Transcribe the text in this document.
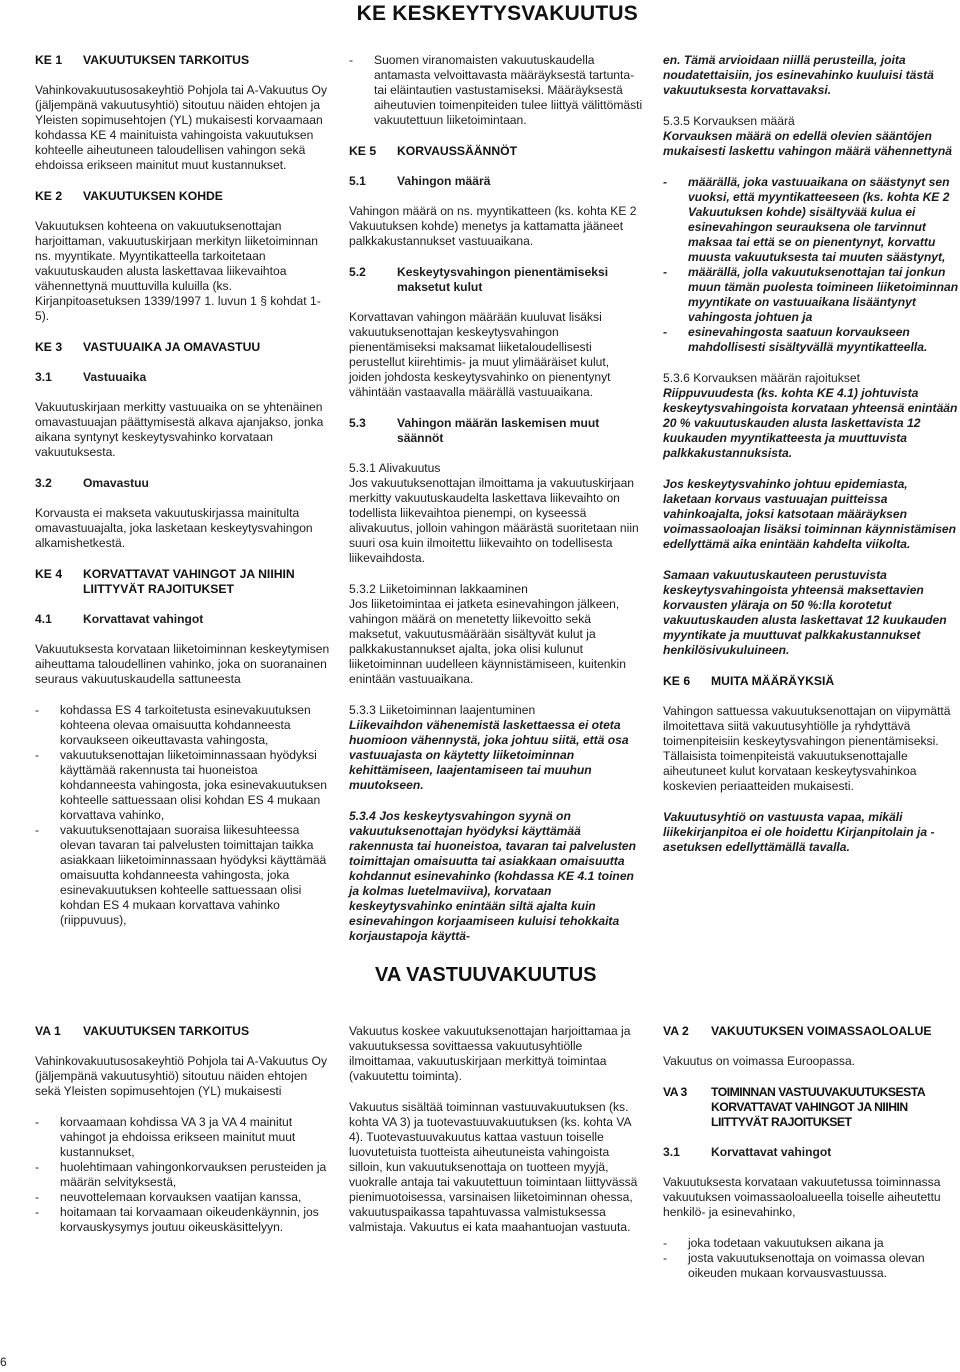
KE KESKEYTYSVAKUUTUS
KE 1	VAKUUTUKSEN TARKOITUS

Vahinkovakuutusosakeyhtiö Pohjola tai A-Vakuutus Oy (jäljempänä vakuutusyhtiö) sitoutuu näiden ehtojen ja Yleisten sopimusehtojen (YL) mukaisesti korvaamaan kohdassa KE 4 mainituista vahingoista vakuutuksen kohteelle aiheutuneen taloudellisen vahingon sekä ehdoissa erikseen mainitut muut kustannukset.

KE 2	VAKUUTUKSEN KOHDE

Vakuutuksen kohteena on vakuutuksenottajan harjoittaman, vakuutuskirjaan merkityn liiketoiminnan ns. myyntikate. Myyntikatteella tarkoitetaan vakuutuskauden alusta laskettavaa liikevaihtoa vähennettynä muuttuvilla kuluilla (ks. Kirjanpitoasetuksen 1339/1997 1. luvun 1 § kohdat 1-5).

KE 3	VASTUUAIKA JA OMAVASTUU
3.1	Vastuuaika

Vakuutuskirjaan merkitty vastuuaika on se yhtenäinen omavastuuajan päättymisestä alkava ajanjakso, jonka aikana syntynyt keskeytysvahinko korvataan vakuutuksesta.

3.2	Omavastuu

Korvausta ei makseta vakuutuskirjassa mainitulta omavastuuajalta, joka lasketaan keskeytysvahingon alkamishetkestä.

KE 4	KORVATTAVAT VAHINGOT JA NIIHIN LIITTYVÄT RAJOITUKSET
4.1	Korvattavat vahingot

Vakuutuksesta korvataan liiketoiminnan keskeytymisen aiheuttama taloudellinen vahinko, joka on suoranainen seuraus vakuutuskaudella sattuneesta

- kohdassa ES 4 tarkoitetusta esinevakuutuksen kohteena olevaa omaisuutta kohdanneesta korvaukseen oikeuttavasta vahingosta,
- vakuutuksenottajan liiketoiminnassaan hyödyksi käyttämää rakennusta tai huoneistoa kohdanneesta vahingosta, joka esinevakuutuksen kohteelle sattuessaan olisi kohdan ES 4 mukaan korvattava vahinko,
- vakuutuksenottajaan suoraisa liikesuhteessa olevan tavaran tai palvelusten toimittajan taikka asiakkaan liiketoiminnassaan hyödyksi käyttämää omaisuutta kohdanneesta vahingosta, joka esinevakuutuksen kohteelle sattuessaan olisi kohdan ES 4 mukaan korvattava vahinko (riippuvuus),
- Suomen viranomaisten vakuutuskaudella antamasta velvoittavasta määräyksestä tartunta- tai eläintautien vastustamiseksi. Määräyksestä aiheutuvien toimenpiteiden tulee liittyä välittömästi vakuutettuun liiketoimintaan.
KE 5	KORVAUSSÄÄNNÖT
5.1	Vahingon määrä

Vahingon määrä on ns. myyntikatteen (ks. kohta KE 2 Vakuutuksen kohde) menetys ja kattamatta jääneet palkkakustannukset vastuuaikana.

5.2	Keskeytysvahingon pienentämiseksi maksetut kulut

Korvattavan vahingon määrään kuuluvat lisäksi vakuutuksenottajan keskeytysvahingon pienentämiseksi maksamat liiketaloudellisesti perustellut kiirehtimis- ja muut ylimääräiset kulut, joiden johdosta keskeytysvahinko on pienentynyt vähintään vastaavalla määrällä vastuuaikana.

5.3	Vahingon määrän laskemisen muut säännöt
5.3.1 Alivakuutus

Jos vakuutuksenottajan ilmoittama ja vakuutuskirjaan merkitty vakuutuskaudelta laskettava liikevaihto on todellista liikevaihtoa pienempi, on kyseessä alivakuutus, jolloin vahingon määrästä suoritetaan niin suuri osa kuin ilmoitettu liikevaihto on todellisesta liikevaihdosta.

5.3.2 Liiketoiminnan lakkaaminen

Jos liiketoimintaa ei jatketa esinevahingon jälkeen, vahingon määrä on menetetty liikevoitto sekä maksetut, vakuutusmäärään sisältyvät kulut ja palkkakustannukset ajalta, joka olisi kulunut liiketoiminnan uudelleen käynnistämiseen, kuitenkin enintään vastuuaikana.

5.3.3 Liiketoiminnan laajentuminen

Liikevaihdon vähenemistä laskettaessa ei oteta huomioon vähennystä, joka johtuu siitä, että osa vastuuajasta on käytetty liiketoiminnan kehittämiseen, laajentamiseen tai muuhun muutokseen.

5.3.4 Jos keskeytysvahingon syynä on vakuutuksenottajan hyödyksi käyttämää rakennusta tai huoneistoa, tavaran tai palvelusten toimittajan omaisuutta tai asiakkaan omaisuutta kohdannut esinevahinko (kohdassa KE 4.1 toinen ja kolmas luetelmaviiva), korvataan keskeytysvahinko enintään siltä ajalta kuin esinevahingon korjaamiseen kuluisi tehokkaita korjaustapoja käyttä-

en. Tämä arvioidaan niillä perusteilla, joita noudatettaisiin, jos esinevahinko kuuluisi tästä vakuutuksesta korvattavaksi.

5.3.5 Korvauksen määrä

Korvauksen määrä on edellä olevien sääntöjen mukaisesti laskettu vahingon määrä vähennettynä

- määrällä, joka vastuuaikana on säästynyt sen vuoksi, että myyntikatteeseen (ks. kohta KE 2 Vakuutuksen kohde) sisältyvää kulua ei esinevahingon seurauksena ole tarvinnut maksaa tai että se on pienentynyt, korvattu muusta vakuutuksesta tai muuten säästynyt,
- määrällä, jolla vakuutuksenottajan tai jonkun muun tämän puolesta toimineen liiketoiminnan myyntikate on vastuuaikana lisääntynyt vahingosta johtuen ja
- esinevahingosta saatuun korvaukseen mahdollisesti sisältyvällä myyntikatteella.
5.3.6 Korvauksen määrän rajoitukset

Riippuvuudesta (ks. kohta KE 4.1) johtuvista keskeytysvahingoista korvataan yhteensä enintään 20 % vakuutuskauden alusta laskettavista 12 kuukauden myyntikatteesta ja muuttuvista palkkakustannuksista.

Jos keskeytysvahinko johtuu epidemiasta, laketaan korvaus vastuuajan puitteissa vahinkoajalta, joksi katsotaan määräyksen voimassaoloajan lisäksi toiminnan käynnistämisen edellyttämä aika enintään kahdelta viikolta.

Samaan vakuutuskauteen perustuvista keskeytysvahingoista yhteensä maksettavien korvausten yläraja on 50 %:lla korotetut vakuutuskauden alusta laskettavat 12 kuukauden myyntikate ja muuttuvat palkkakustannukset henkilösivukuluineen.

KE 6	MUITA MÄÄRÄYKSIÄ

Vahingon sattuessa vakuutuksenottajan on viipymättä ilmoitettava siitä vakuutusyhtiölle ja ryhdyttävä toimenpiteisiin keskeytysvahingon pienentämiseksi. Tällaisista toimenpiteistä vakuutuksenottajalle aiheutuneet kulut korvataan keskeytysvahinkoa koskevien periaatteiden mukaisesti.

Vakuutusyhtiö on vastuusta vapaa, mikäli liikekirjanpitoa ei ole hoidettu Kirjanpitolain ja -asetuksen edellyttämällä tavalla.

VA VASTUUVAKUUTUS
VA 1	VAKUUTUKSEN TARKOITUS

Vahinkovakuutusosakeyhtiö Pohjola tai A-Vakuutus Oy (jäljempänä vakuutusyhtiö) sitoutuu näiden ehtojen sekä Yleisten sopimusehtojen (YL) mukaisesti

- korvaamaan kohdissa VA 3 ja VA 4 mainitut vahingot ja ehdoissa erikseen mainitut muut kustannukset,
- huolehtimaan vahingonkorvauksen perusteiden ja määrän selvityksestä,
- neuvottelemaan korvauksen vaatijan kanssa,
- hoitamaan tai korvaamaan oikeudenkäynnin, jos korvauskysymys joutuu oikeuskäsittelyyn.

Vakuutus koskee vakuutuksenottajan harjoittamaa ja vakuutuksessa sovittaessa vakuutusyhtiölle ilmoittamaa, vakuutuskirjaan merkittyä toimintaa (vakuutettu toiminta).

Vakuutus sisältää toiminnan vastuuvakuutuksen (ks. kohta VA 3) ja tuotevastuuvakuutuksen (ks. kohta VA 4). Tuotevastuuvakuutus kattaa vastuun toiselle luovutetuista tuotteista aiheutuneista vahingoista silloin, kun vakuutuksenottaja on tuotteen myyjä, vuokralle antaja tai vakuutettuun toimintaan liittyvässä pienimuotoisessa, varsinaisen liiketoiminnan ohessa, vakuutuspaikassa tapahtuvassa valmistuksessa valmistaja. Vakuutus ei kata maahantuojan vastuuta.

VA 2	VAKUUTUKSEN VOIMASSAOLOALUE

Vakuutus on voimassa Euroopassa.

VA 3	TOIMINNAN VASTUUVAKUUTUKSESTA KORVATTAVAT VAHINGOT JA NIIHIN LIITTYVÄT RAJOITUKSET
3.1	Korvattavat vahingot

Vakuutuksesta korvataan vakuutetussa toiminnassa vakuutuksen voimassaoloalueella toiselle aiheutettu henkilö- ja esinevahinko,

- joka todetaan vakuutuksen aikana ja
- josta vakuutuksenottaja on voimassa olevan oikeuden mukaan korvausvastuussa.
6
